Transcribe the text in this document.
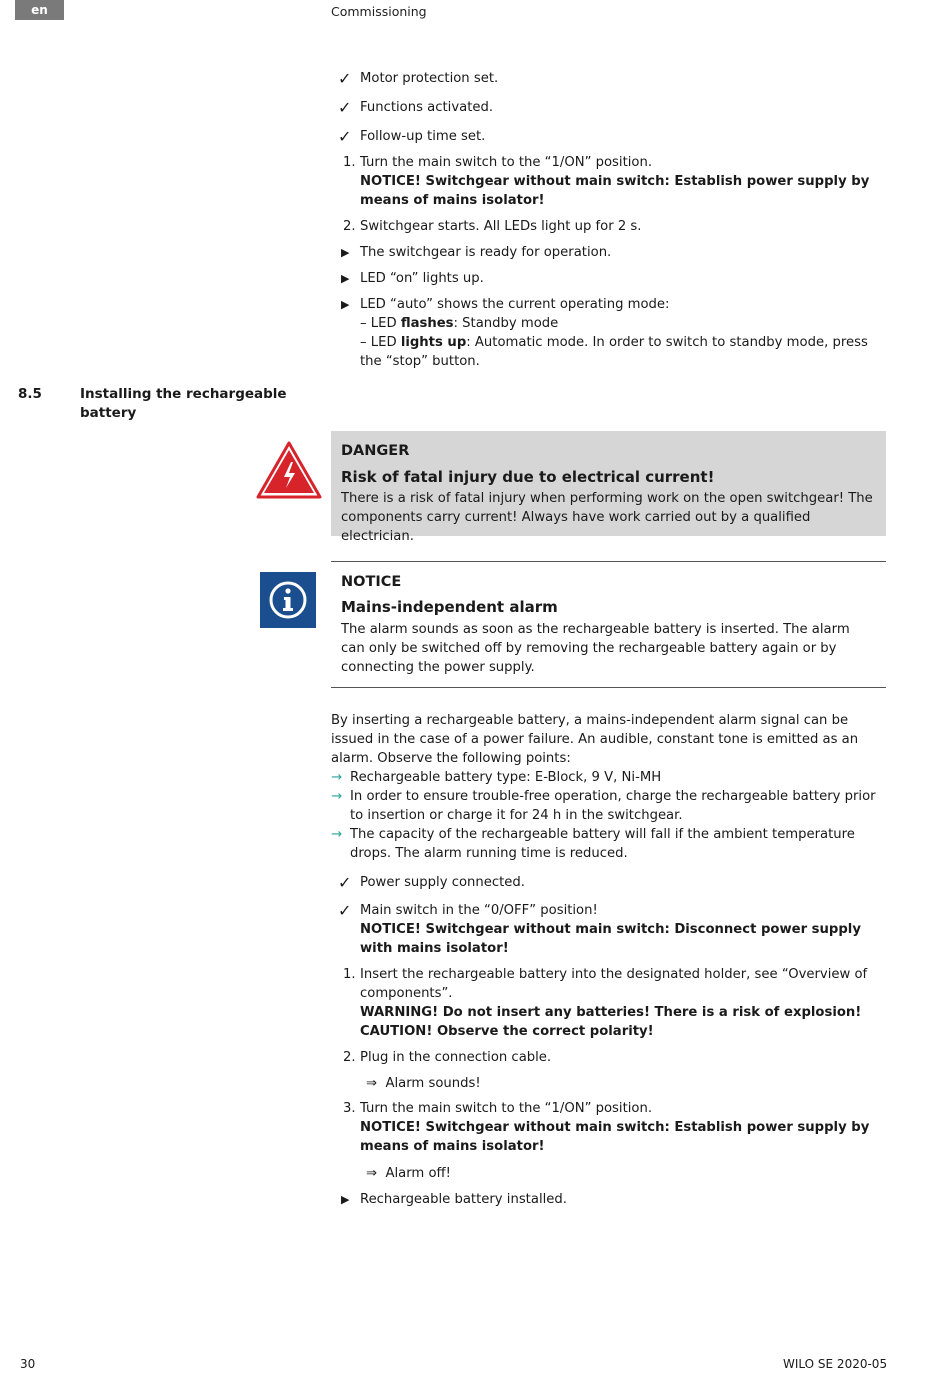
en	Commissioning
✓ Motor protection set.
✓ Functions activated.
✓ Follow-up time set.
1. Turn the main switch to the “1/ON” position.
NOTICE! Switchgear without main switch: Establish power supply by means of mains isolator!
2. Switchgear starts. All LEDs light up for 2 s.
▶ The switchgear is ready for operation.
▶ LED “on” lights up.
▶ LED “auto” shows the current operating mode:
– LED flashes: Standby mode
– LED lights up: Automatic mode. In order to switch to standby mode, press the “stop” button.
8.5	Installing the rechargeable battery
DANGER
Risk of fatal injury due to electrical current!
There is a risk of fatal injury when performing work on the open switchgear! The components carry current! Always have work carried out by a qualified electrician.
NOTICE
Mains-independent alarm
The alarm sounds as soon as the rechargeable battery is inserted. The alarm can only be switched off by removing the rechargeable battery again or by connecting the power supply.
By inserting a rechargeable battery, a mains-independent alarm signal can be issued in the case of a power failure. An audible, constant tone is emitted as an alarm. Observe the following points:
→ Rechargeable battery type: E-Block, 9 V, Ni-MH
→ In order to ensure trouble-free operation, charge the rechargeable battery prior to insertion or charge it for 24 h in the switchgear.
→ The capacity of the rechargeable battery will fall if the ambient temperature drops. The alarm running time is reduced.
✓ Power supply connected.
✓ Main switch in the “0/OFF” position!
NOTICE! Switchgear without main switch: Disconnect power supply with mains isolator!
1. Insert the rechargeable battery into the designated holder, see “Overview of components”.
WARNING! Do not insert any batteries! There is a risk of explosion!
CAUTION! Observe the correct polarity!
2. Plug in the connection cable.
⇒ Alarm sounds!
3. Turn the main switch to the “1/ON” position.
NOTICE! Switchgear without main switch: Establish power supply by means of mains isolator!
⇒ Alarm off!
▶ Rechargeable battery installed.
30	WILO SE 2020-05
